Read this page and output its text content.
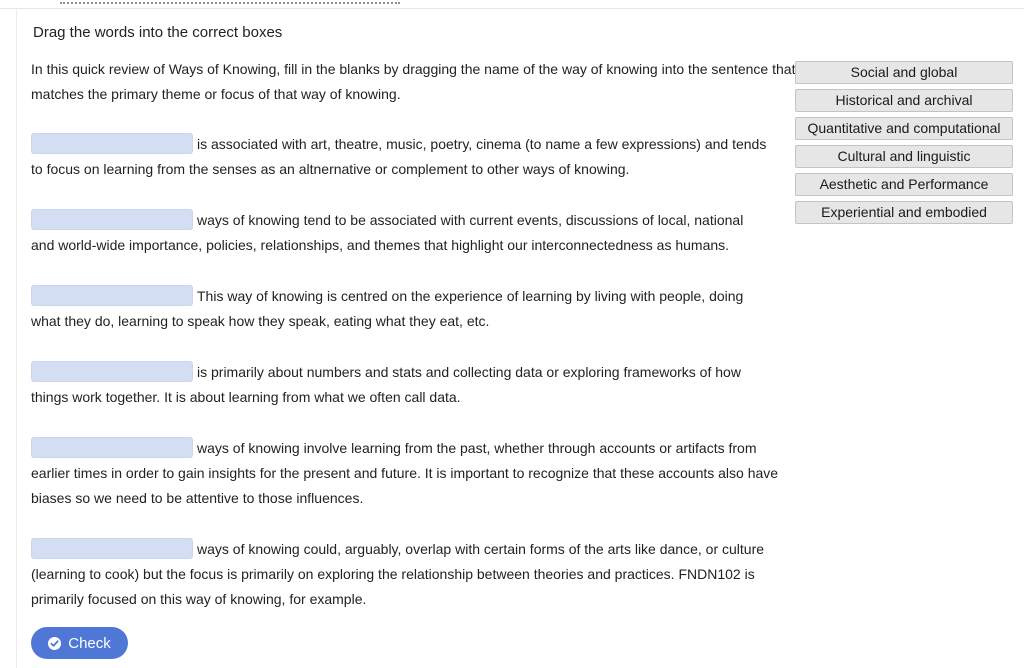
Drag the words into the correct boxes
In this quick review of Ways of Knowing, fill in the blanks by dragging the name of the way of knowing into the sentence that matches the primary theme or focus of that way of knowing.
is associated with art, theatre, music, poetry, cinema (to name a few expressions) and tends
to focus on learning from the senses as an altnernative or complement to other ways of knowing.
ways of knowing tend to be associated with current events, discussions of local, national
and world-wide importance, policies, relationships, and themes that highlight our interconnectedness as humans.
This way of knowing is centred on the experience of learning by living with people, doing
what they do, learning to speak how they speak, eating what they eat, etc.
is primarily about numbers and stats and collecting data or exploring frameworks of how
things work together. It is about learning from what we often call data.
ways of knowing involve learning from the past, whether through accounts or artifacts from
earlier times in order to gain insights for the present and future. It is important to recognize that these accounts also have biases so we need to be attentive to those influences.
ways of knowing could, arguably, overlap with certain forms of the arts like dance, or culture
(learning to cook) but the focus is primarily on exploring the relationship between theories and practices. FNDN102 is primarily focused on this way of knowing, for example.
Social and global
Historical and archival
Quantitative and computational
Cultural and linguistic
Aesthetic and Performance
Experiential and embodied
Check
